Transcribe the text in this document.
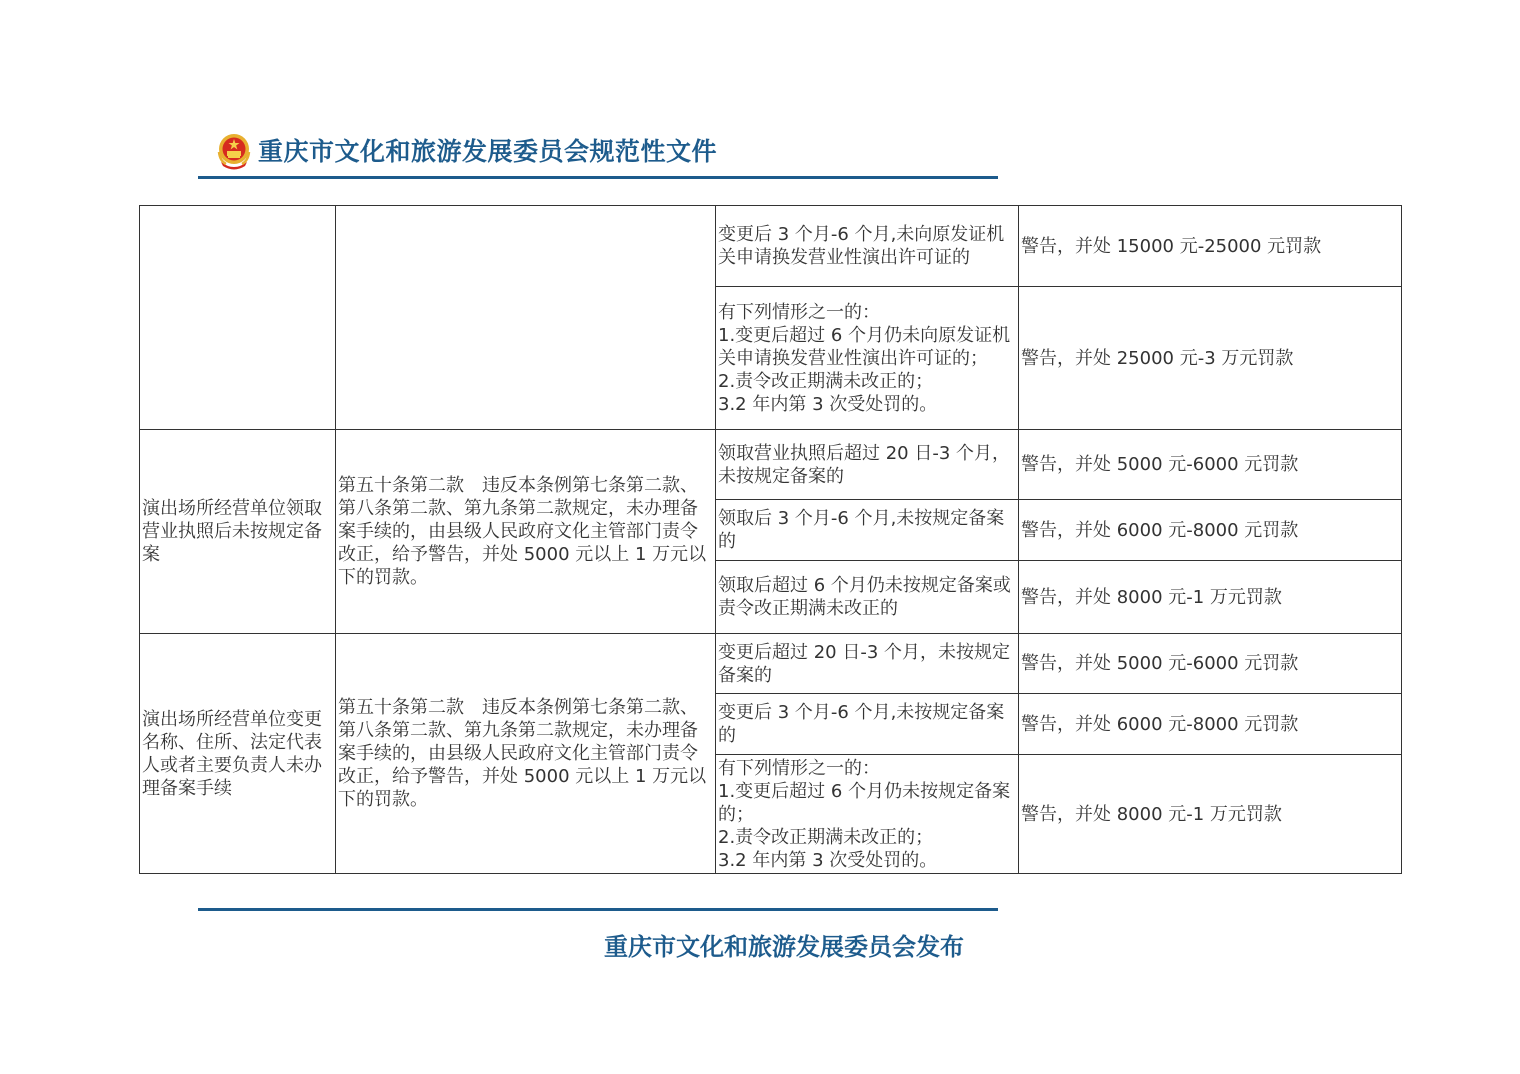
重庆市文化和旅游发展委员会规范性文件
		变更后 3 个月-6 个月,未向原发证机关申请换发营业性演出许可证的	警告，并处 15000 元-25000 元罚款
		有下列情形之一的：
1.变更后超过 6 个月仍未向原发证机关申请换发营业性演出许可证的；
2.责令改正期满未改正的；
3.2 年内第 3 次受处罚的。	警告，并处 25000 元-3 万元罚款
演出场所经营单位领取营业执照后未按规定备案	第五十条第二款　违反本条例第七条第二款、第八条第二款、第九条第二款规定，未办理备案手续的，由县级人民政府文化主管部门责令改正，给予警告，并处 5000 元以上 1 万元以下的罚款。	领取营业执照后超过 20 日-3 个月，未按规定备案的	警告，并处 5000 元-6000 元罚款
		领取后 3 个月-6 个月,未按规定备案的	警告，并处 6000 元-8000 元罚款
		领取后超过 6 个月仍未按规定备案或责令改正期满未改正的	警告，并处 8000 元-1 万元罚款
演出场所经营单位变更名称、住所、法定代表人或者主要负责人未办理备案手续	第五十条第二款　违反本条例第七条第二款、第八条第二款、第九条第二款规定，未办理备案手续的，由县级人民政府文化主管部门责令改正，给予警告，并处 5000 元以上 1 万元以下的罚款。	变更后超过 20 日-3 个月，未按规定备案的	警告，并处 5000 元-6000 元罚款
		变更后 3 个月-6 个月,未按规定备案的	警告，并处 6000 元-8000 元罚款
		有下列情形之一的：
1.变更后超过 6 个月仍未按规定备案的；
2.责令改正期满未改正的；
3.2 年内第 3 次受处罚的。	警告，并处 8000 元-1 万元罚款
重庆市文化和旅游发展委员会发布
